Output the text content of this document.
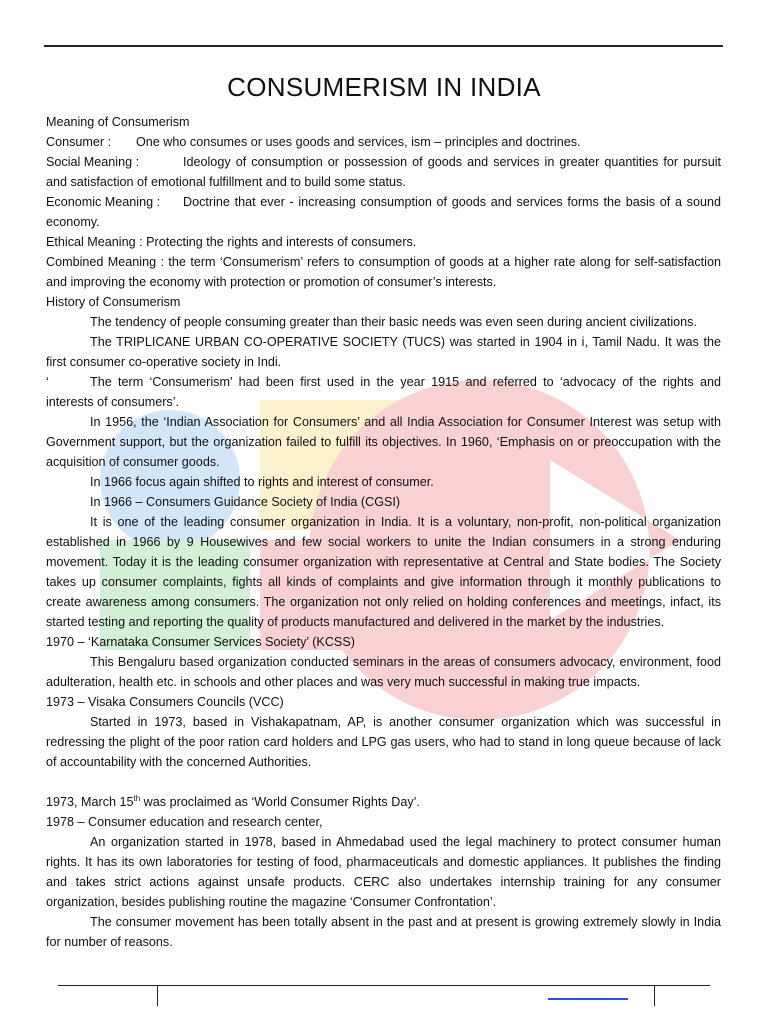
CONSUMERISM IN INDIA

Meaning of Consumerism

Consumer : One who consumes or uses goods and services, ism – principles and doctrines.

Social Meaning :	Ideology of consumption or possession of goods and services in greater quantities for pursuit and satisfaction of emotional fulfillment and to build some status.

Economic Meaning : Doctrine that ever - increasing consumption of goods and services forms the basis of a sound economy.

Ethical Meaning : Protecting the rights and interests of consumers.

Combined Meaning : the term ‘Consumerism’ refers to consumption of goods at a higher rate along for self-satisfaction and improving the economy with protection or promotion of consumer’s interests.

History of Consumerism

The tendency of people consuming greater than their basic needs was even seen during ancient civilizations.

The TRIPLICANE URBAN CO-OPERATIVE SOCIETY (TUCS) was started in 1904 in i, Tamil Nadu. It was the first consumer co-operative society in Indi.

‘	The term ‘Consumerism’ had been first used in the year 1915 and referred to ‘advocacy of the rights and interests of consumers’.

In 1956, the ‘Indian Association for Consumers’ and all India Association for Consumer Interest was setup with Government support, but the organization failed to fulfill its objectives. In 1960, ‘Emphasis on or preoccupation with the acquisition of consumer goods.

In 1966 focus again shifted to rights and interest of consumer.

In 1966 – Consumers Guidance Society of India (CGSI)

It is one of the leading consumer organization in India. It is a voluntary, non-profit, non-political organization established in 1966 by 9 Housewives and few social workers to unite the Indian consumers in a strong enduring movement. Today it is the leading consumer organization with representative at Central and State bodies. The Society takes up consumer complaints, fights all kinds of complaints and give information through it monthly publications to create awareness among consumers. The organization not only relied on holding conferences and meetings, infact, its started testing and reporting the quality of products manufactured and delivered in the market by the industries.

1970 – ‘Karnataka Consumer Services Society’ (KCSS)

This Bengaluru based organization conducted seminars in the areas of consumers advocacy, environment, food adulteration, health etc. in schools and other places and was very much successful in making true impacts.

1973 – Visaka Consumers Councils (VCC)

Started in 1973, based in Vishakapatnam, AP, is another consumer organization which was successful in redressing the plight of the poor ration card holders and LPG gas users, who had to stand in long queue because of lack of accountability with the concerned Authorities.

1973, March 15th was proclaimed as ‘World Consumer Rights Day’.

1978 – Consumer education and research center,

An organization started in 1978, based in Ahmedabad used the legal machinery to protect consumer human rights. It has its own laboratories for testing of food, pharmaceuticals and domestic appliances. It publishes the finding and takes strict actions against unsafe products. CERC also undertakes internship training for any consumer organization, besides publishing routine the magazine ‘Consumer Confrontation’.

The consumer movement has been totally absent in the past and at present is growing extremely slowly in India for number of reasons.
